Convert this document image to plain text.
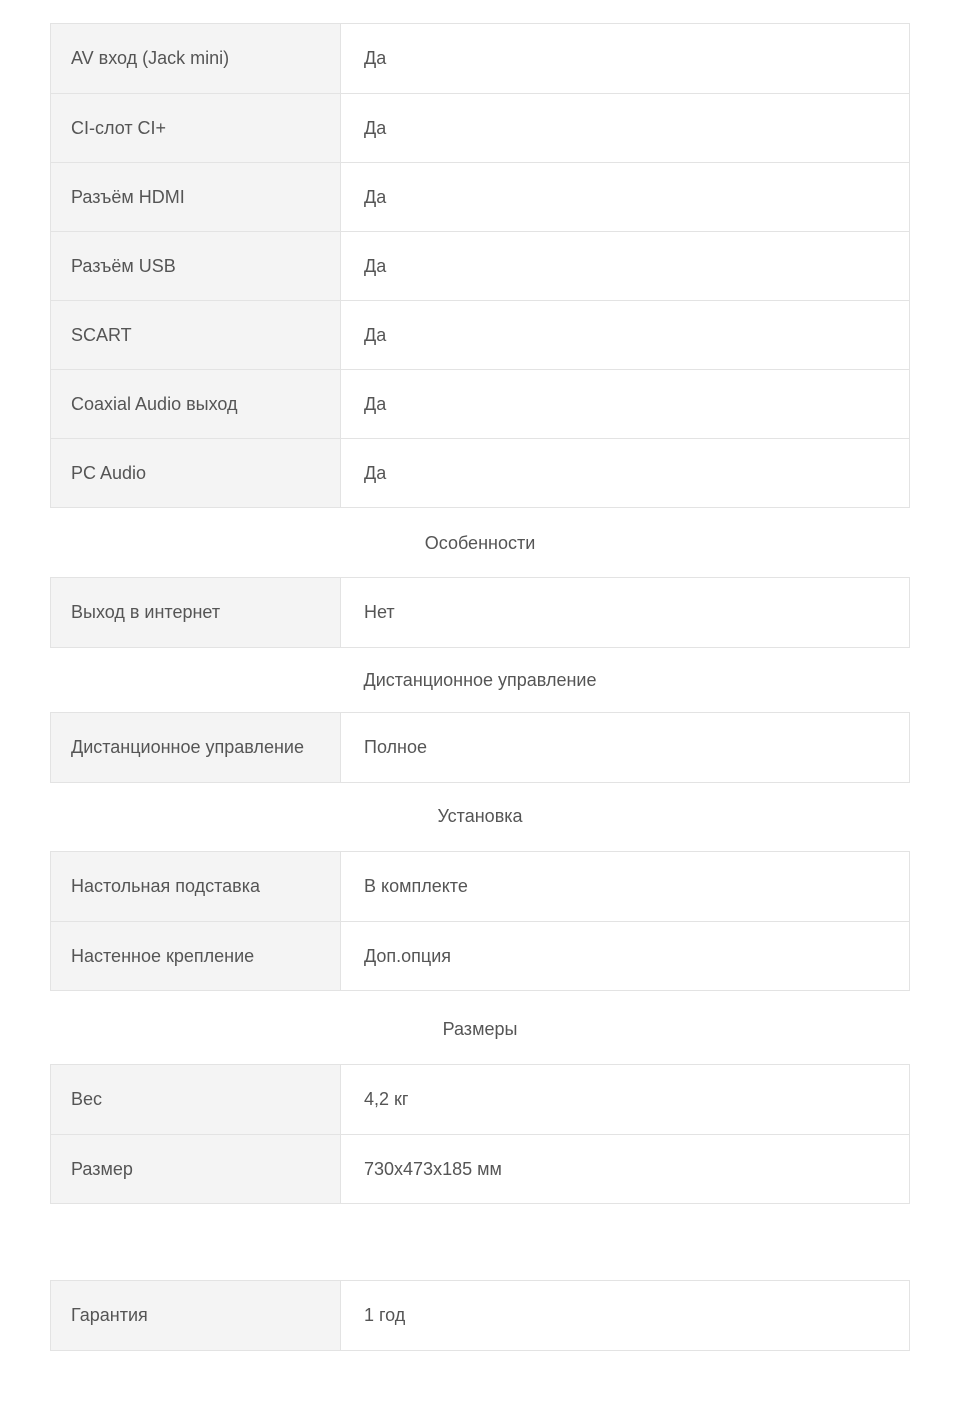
AV вход (Jack mini)	Да
CI-слот CI+	Да
Разъём HDMI	Да
Разъём USB	Да
SCART	Да
Coaxial Audio выход	Да
PC Audio	Да
Особенности
Выход в интернет	Нет
Дистанционное управление
Дистанционное управление	Полное
Установка
Настольная подставка	В комплекте
Настенное крепление	Доп.опция
Размеры
Вес	4,2 кг
Размер	730x473x185 мм
Гарантия	1 год
